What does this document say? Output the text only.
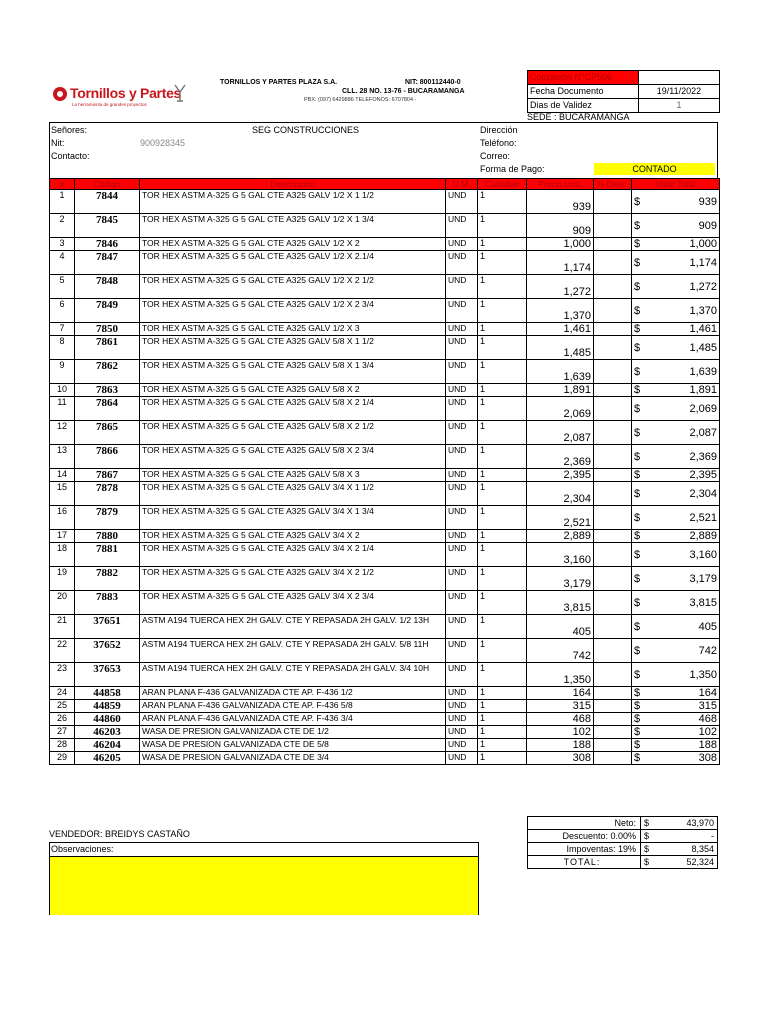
Tornillos y Partes
La herramienta de grandes proyectos
TORNILLOS Y PARTES PLAZA S.A.	NIT: 800112440-0
CLL. 28 NO. 13-76 - BUCARAMANGA
PBX: (097) 6429886 TELEFONOS: 6707804 -
Cotización N°CP506
Fecha Documento	19/11/2022
Dias de Validez	1
SEDE : BUCARAMANGA
Señores:	SEG CONSTRUCCIONES
Nit:	900928345
Contacto:
Dirección
Teléfono:
Correo:
Forma de Pago:	CONTADO
#	Código	Descripción	U.M.	Cantidad	Precio Unit.	% Desc.	Valor Total
1	7844	TOR HEX ASTM A-325 G 5 GAL CTE A325 GALV 1/2 X 1 1/2	UND	1	939		$ 939

2	7845	TOR HEX ASTM A-325 G 5 GAL CTE A325 GALV 1/2 X 1 3/4	UND	1	909		$ 909

3	7846	TOR HEX ASTM A-325 G 5 GAL CTE A325 GALV 1/2 X 2	UND	1	1,000		$ 1,000

4	7847	TOR HEX ASTM A-325 G 5 GAL CTE A325 GALV 1/2 X 2.1/4	UND	1	1,174		$ 1,174

5	7848	TOR HEX ASTM A-325 G 5 GAL CTE A325 GALV 1/2 X 2 1/2	UND	1	1,272		$ 1,272

6	7849	TOR HEX ASTM A-325 G 5 GAL CTE A325 GALV 1/2 X 2 3/4	UND	1	1,370		$ 1,370

7	7850	TOR HEX ASTM A-325 G 5 GAL CTE A325 GALV 1/2 X 3	UND	1	1,461		$ 1,461

8	7861	TOR HEX ASTM A-325 G 5 GAL CTE A325 GALV 5/8 X 1 1/2	UND	1	1,485		$ 1,485

9	7862	TOR HEX ASTM A-325 G 5 GAL CTE A325 GALV 5/8 X 1 3/4	UND	1	1,639		$ 1,639

10	7863	TOR HEX ASTM A-325 G 5 GAL CTE A325 GALV 5/8 X 2	UND	1	1,891		$ 1,891

11	7864	TOR HEX ASTM A-325 G 5 GAL CTE A325 GALV 5/8 X 2 1/4	UND	1	2,069		$ 2,069

12	7865	TOR HEX ASTM A-325 G 5 GAL CTE A325 GALV 5/8 X 2 1/2	UND	1	2,087		$ 2,087

13	7866	TOR HEX ASTM A-325 G 5 GAL CTE A325 GALV 5/8 X 2 3/4	UND	1	2,369		$ 2,369

14	7867	TOR HEX ASTM A-325 G 5 GAL CTE A325 GALV 5/8 X 3	UND	1	2,395		$ 2,395

15	7878	TOR HEX ASTM A-325 G 5 GAL CTE A325 GALV 3/4 X 1 1/2	UND	1	2,304		$ 2,304

16	7879	TOR HEX ASTM A-325 G 5 GAL CTE A325 GALV 3/4 X 1 3/4	UND	1	2,521		$ 2,521

17	7880	TOR HEX ASTM A-325 G 5 GAL CTE A325 GALV 3/4 X 2	UND	1	2,889		$ 2,889

18	7881	TOR HEX ASTM A-325 G 5 GAL CTE A325 GALV 3/4 X 2 1/4	UND	1	3,160		$ 3,160

19	7882	TOR HEX ASTM A-325 G 5 GAL CTE A325 GALV 3/4 X 2 1/2	UND	1	3,179		$ 3,179

20	7883	TOR HEX ASTM A-325 G 5 GAL CTE A325 GALV 3/4 X 2 3/4	UND	1	3,815		$ 3,815

21	37651	ASTM A194 TUERCA HEX 2H GALV. CTE Y REPASADA 2H GALV. 1/2 13H	UND	1	405		$ 405

22	37652	ASTM A194 TUERCA HEX 2H GALV. CTE Y REPASADA 2H GALV. 5/8 11H	UND	1	742		$ 742

23	37653	ASTM A194 TUERCA HEX 2H GALV. CTE Y REPASADA 2H GALV. 3/4 10H	UND	1	1,350		$ 1,350

24	44858	ARAN PLANA F-436 GALVANIZADA CTE AP. F-436 1/2	UND	1	164		$ 164

25	44859	ARAN PLANA F-436 GALVANIZADA CTE AP. F-436 5/8	UND	1	315		$ 315

26	44860	ARAN PLANA F-436 GALVANIZADA CTE AP. F-436 3/4	UND	1	468		$ 468

27	46203	WASA DE PRESION GALVANIZADA CTE DE 1/2	UND	1	102		$ 102

28	46204	WASA DE PRESION GALVANIZADA CTE DE 5/8	UND	1	188		$ 188

29	46205	WASA DE PRESION GALVANIZADA CTE DE 3/4	UND	1	308		$ 308
VENDEDOR: BREIDYS CASTAÑO
Observaciones:
Neto: $	43,970
Descuento: 0.00% $	-
Impoventas: 19% $	8,354
TOTAL:	$	52,324
